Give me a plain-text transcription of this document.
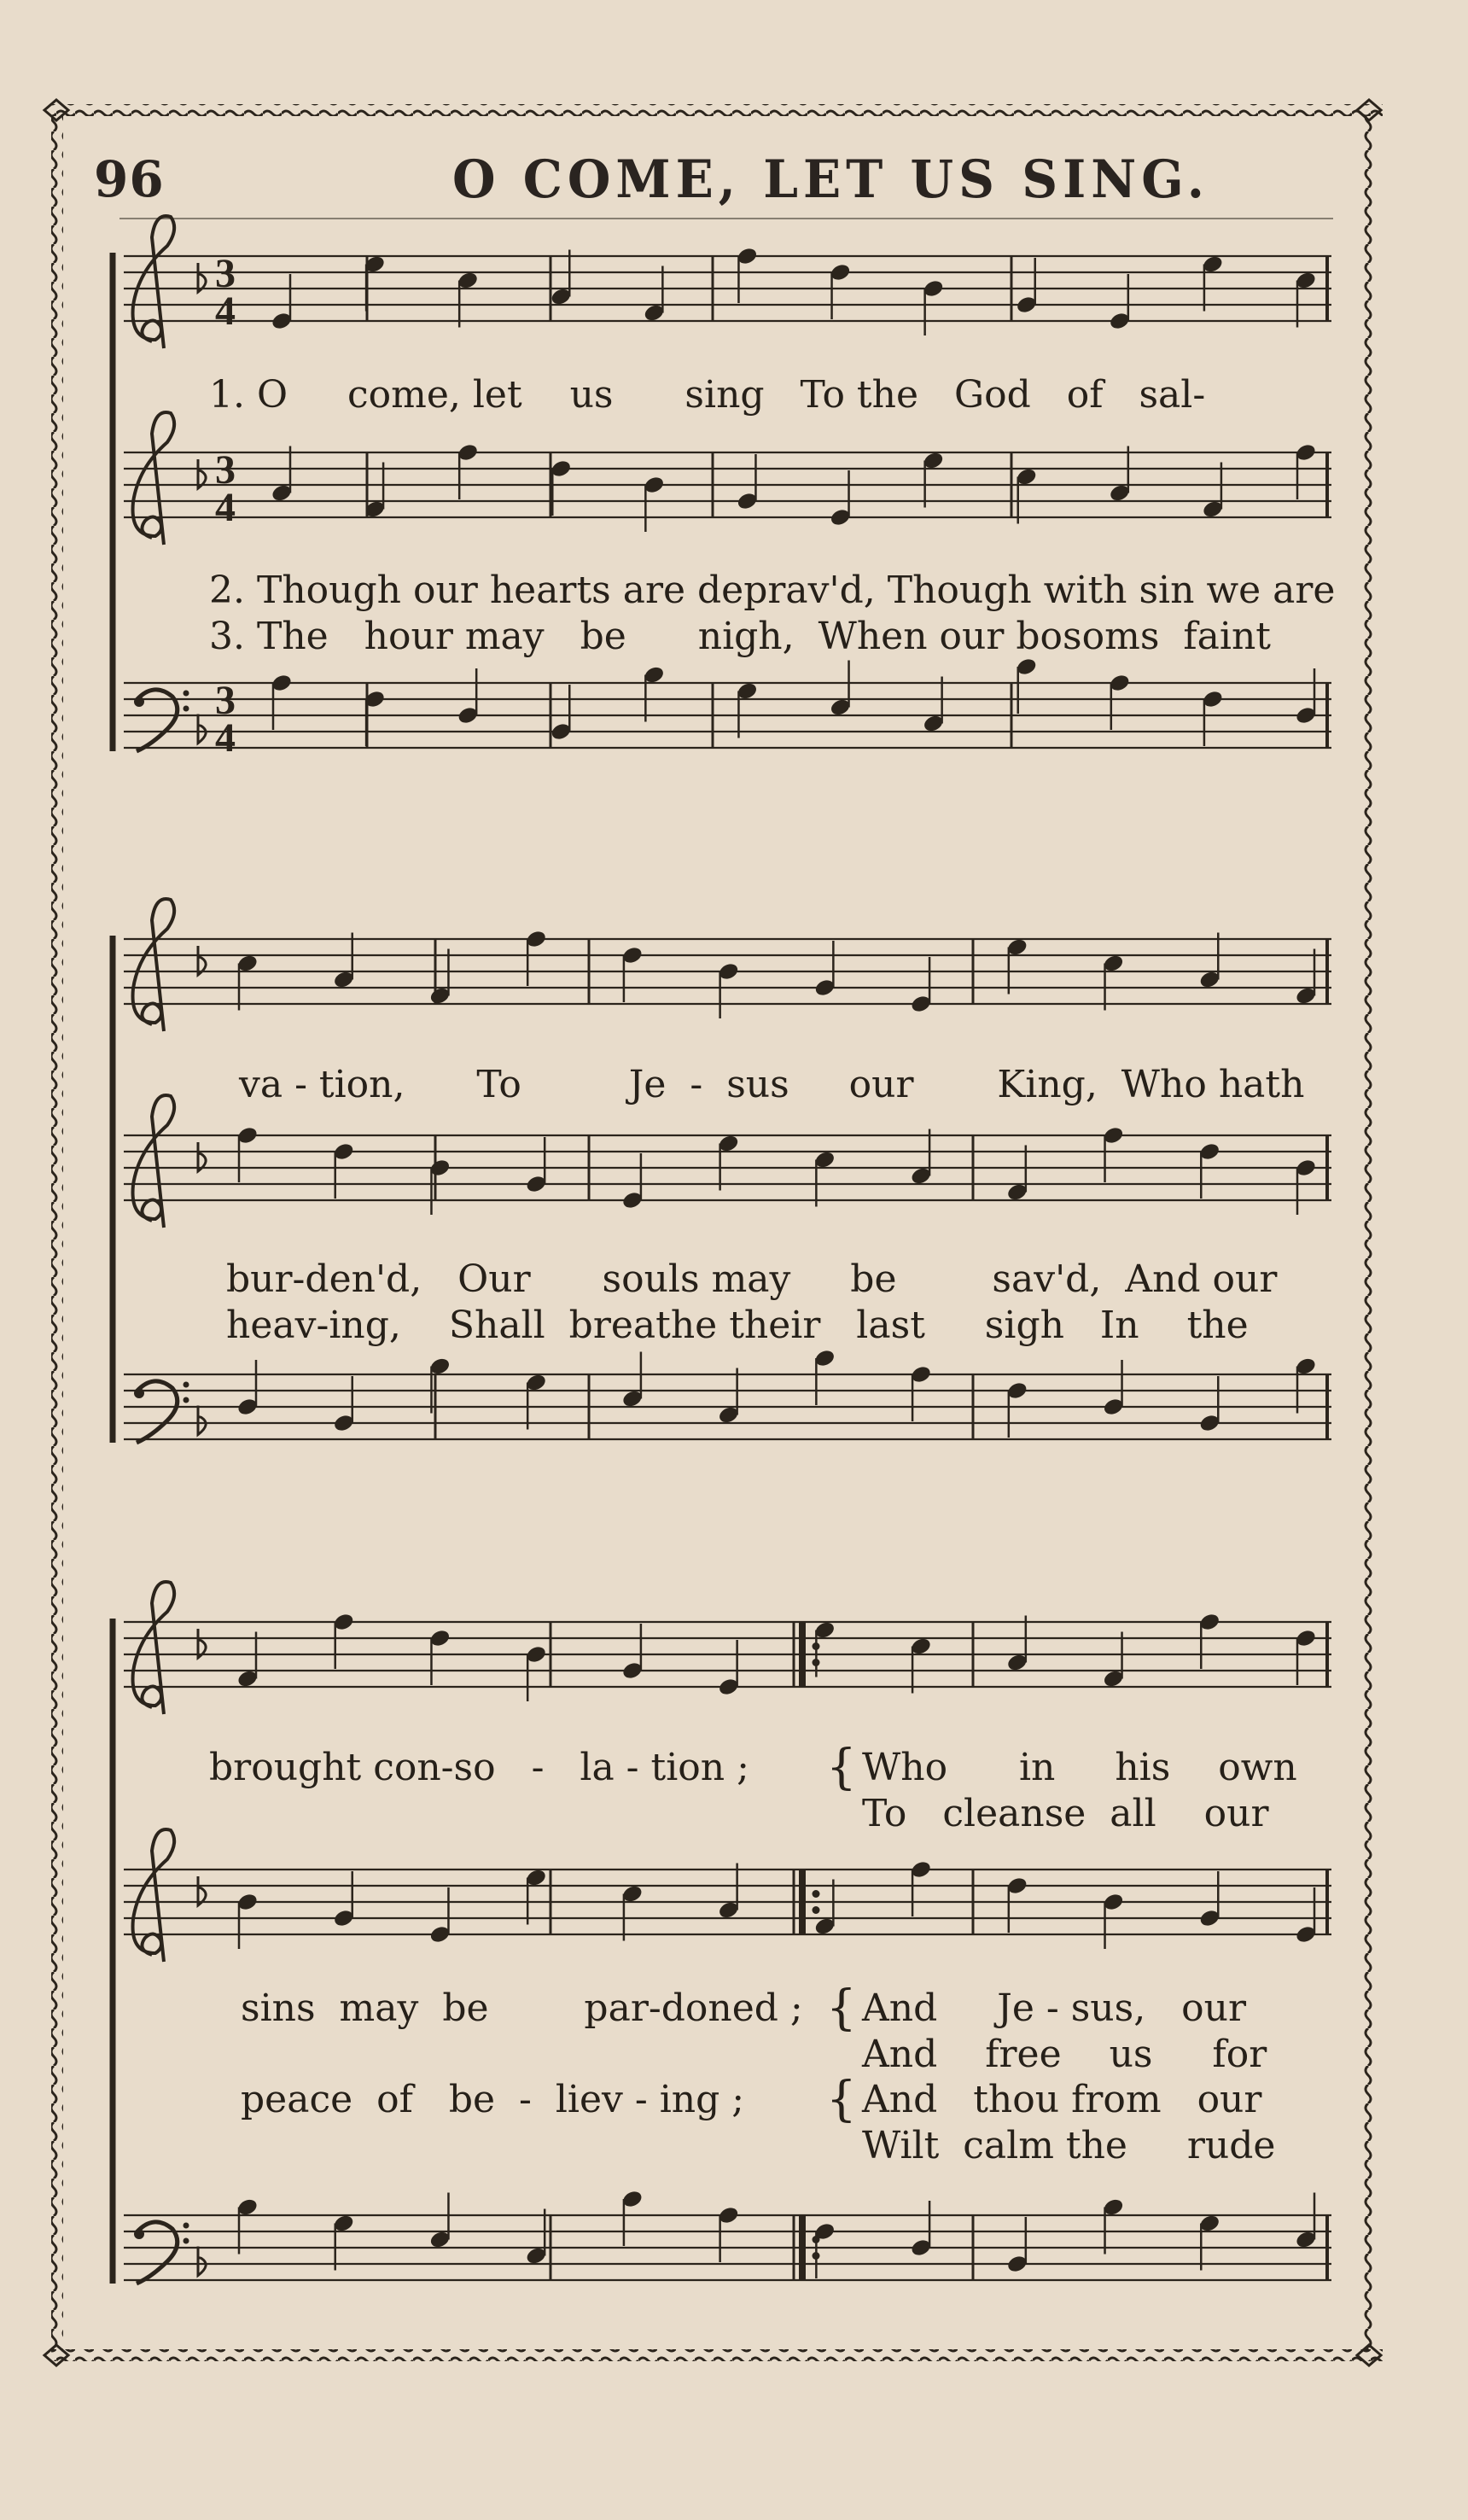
96	O COME, LET US SING.
3
4
3
4
3
4
1. O     come, let    us      sing   To the   God   of   sal-
2. Though our hearts are deprav'd, Though with sin we are
3. The   hour may   be      nigh,  When our bosoms  faint
va - tion,      To         Je  -  sus     our       King,  Who hath
bur-den'd,   Our      souls may     be        sav'd,  And our
heav-ing,    Shall  breathe their   last     sigh   In    the
brought con-so   -   la - tion ;
sins  may  be        par-doned ;
peace  of   be  -  liev - ing ;
{
{
{
Who      in     his    own
To   cleanse  all    our
And     Je - sus,   our
And    free    us     for
And   thou from   our
Wilt  calm the     rude
